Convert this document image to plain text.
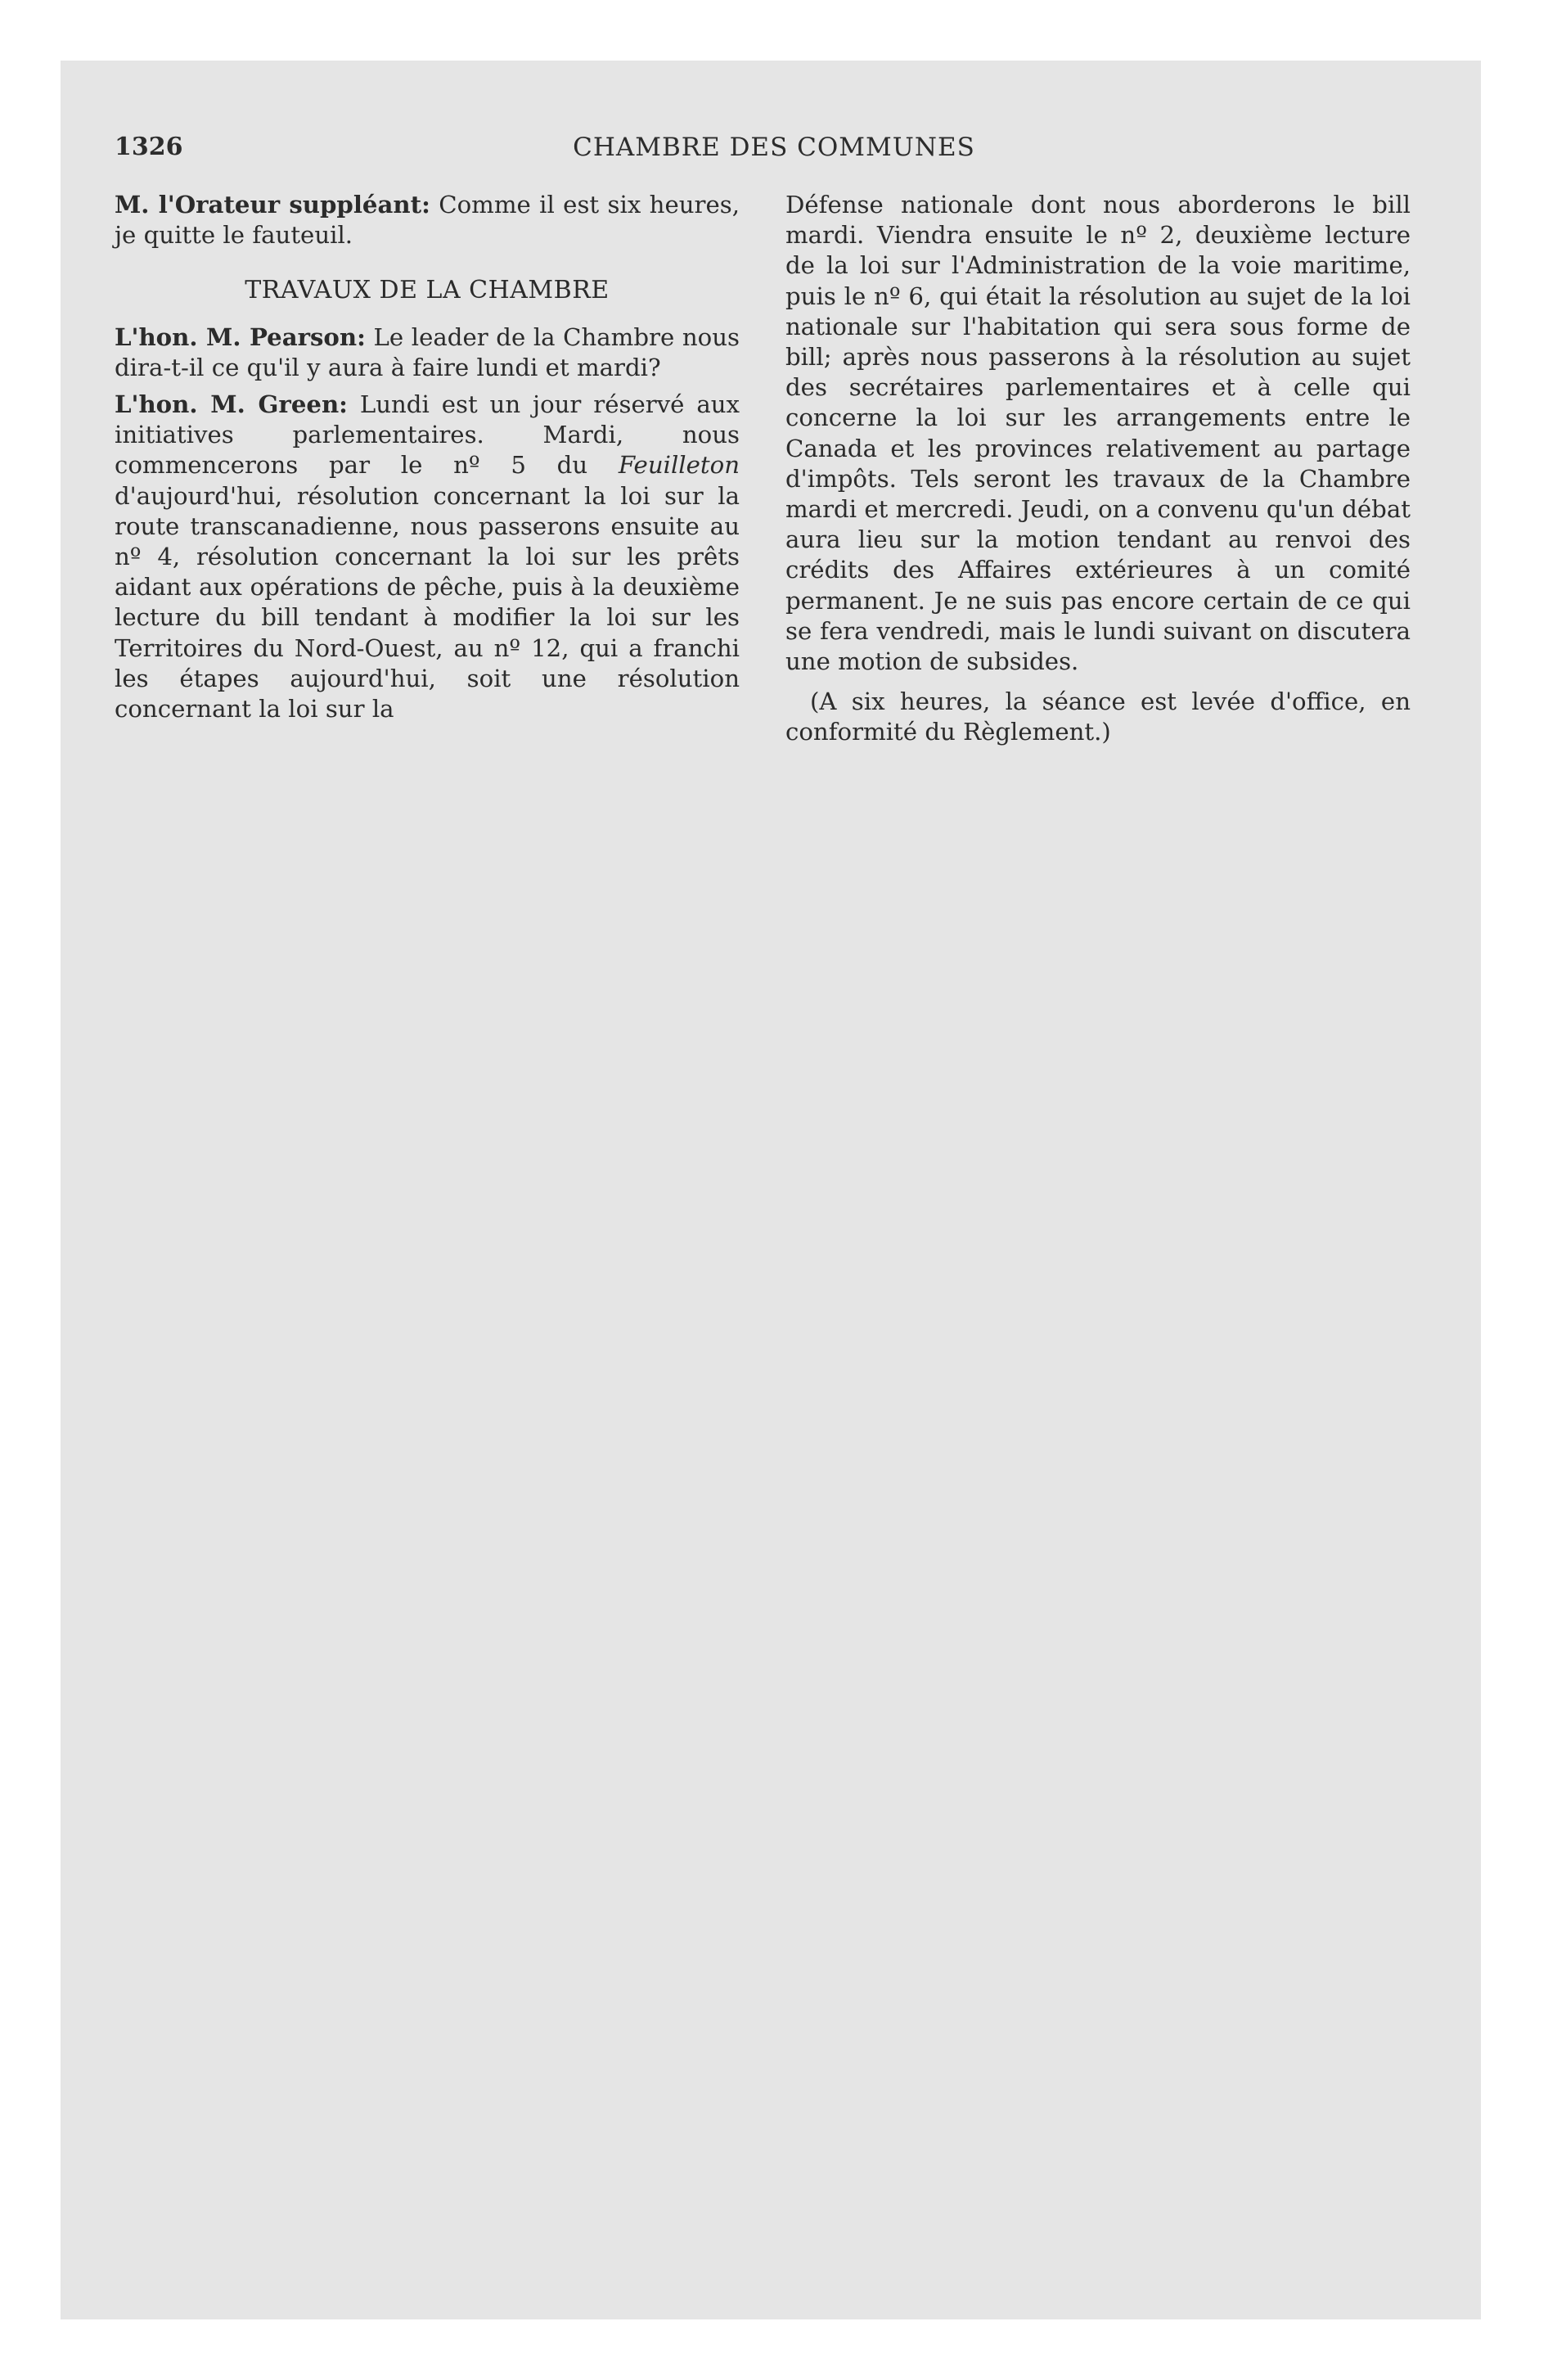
1326	CHAMBRE DES COMMUNES

M. l'Orateur suppléant: Comme il est six heures, je quitte le fauteuil.

TRAVAUX DE LA CHAMBRE

L'hon. M. Pearson: Le leader de la Chambre nous dira-t-il ce qu'il y aura à faire lundi et mardi?

L'hon. M. Green: Lundi est un jour réservé aux initiatives parlementaires. Mardi, nous commencerons par le nº 5 du Feuilleton d'aujourd'hui, résolution concernant la loi sur la route transcanadienne, nous passerons ensuite au nº 4, résolution concernant la loi sur les prêts aidant aux opérations de pêche, puis à la deuxième lecture du bill tendant à modifier la loi sur les Territoires du Nord-Ouest, au nº 12, qui a franchi les étapes aujourd'hui, soit une résolution concernant la loi sur la

Défense nationale dont nous aborderons le bill mardi. Viendra ensuite le nº 2, deuxième lecture de la loi sur l'Administration de la voie maritime, puis le nº 6, qui était la résolution au sujet de la loi nationale sur l'habitation qui sera sous forme de bill; après nous passerons à la résolution au sujet des secrétaires parlementaires et à celle qui concerne la loi sur les arrangements entre le Canada et les provinces relativement au partage d'impôts. Tels seront les travaux de la Chambre mardi et mercredi. Jeudi, on a convenu qu'un débat aura lieu sur la motion tendant au renvoi des crédits des Affaires extérieures à un comité permanent. Je ne suis pas encore certain de ce qui se fera vendredi, mais le lundi suivant on discutera une motion de subsides.

(A six heures, la séance est levée d'office, en conformité du Règlement.)
